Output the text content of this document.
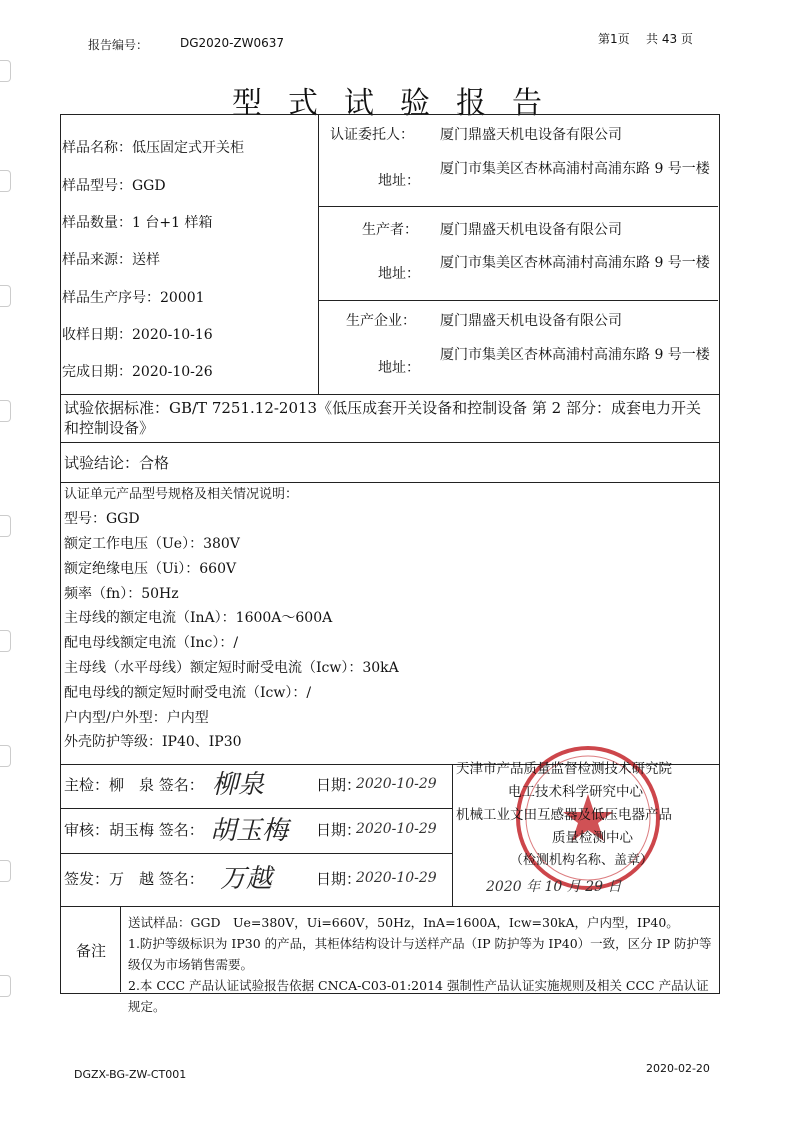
报告编号：	DG2020-ZW0637	第1页 共 43 页
型式试验报告
样品名称：低压固定式开关柜
样品型号：GGD
样品数量：1 台+1 样箱
样品来源：送样
样品生产序号：20001
收样日期：2020-10-16
完成日期：2020-10-26
认证委托人： 厦门鼎盛天机电设备有限公司
地址：
厦门市集美区杏林高浦村高浦东路 9 号一楼
生产者： 厦门鼎盛天机电设备有限公司
地址：
厦门市集美区杏林高浦村高浦东路 9 号一楼
生产企业： 厦门鼎盛天机电设备有限公司
地址：
厦门市集美区杏林高浦村高浦东路 9 号一楼
试验依据标准：GB/T 7251.12-2013《低压成套开关设备和控制设备 第 2 部分：成套电力开关和控制设备》
试验结论：合格
认证单元产品型号规格及相关情况说明：
型号：GGD
额定工作电压（Ue）：380V
额定绝缘电压（Ui）：660V
频率（fn）：50Hz
主母线的额定电流（InA）：1600A～600A
配电母线额定电流（Inc）：/
主母线（水平母线）额定短时耐受电流（Icw）：30kA
配电母线的额定短时耐受电流（Icw）：/
户内型/户外型：户内型
外壳防护等级：IP40、IP30
主检：柳　泉 签名： 柳泉	日期：
2020-10-29
审核：胡玉梅 签名： 胡玉梅 日期：
2020-10-29
签发：万　越 签名： 万越	日期：
2020-10-29
天津市产品质量监督检测技术研究院
电工技术科学研究中心
机械工业文田互感器及低压电器产品
质量检测中心
（检测机构名称、盖章）
2020 年 10 月 29 日
备注
送试样品：GGD　Ue=380V，Ui=660V，50Hz，InA=1600A，Icw=30kA，户内型，IP40。
1.防护等级标识为 IP30 的产品，其柜体结构设计与送样产品（IP 防护等为 IP40）一致，区分 IP 防护等级仅为市场销售需要。
2.本 CCC 产品认证试验报告依据 CNCA-C03-01:2014 强制性产品认证实施规则及相关 CCC 产品认证规定。
DGZX-BG-ZW-CT001	2020-02-20
